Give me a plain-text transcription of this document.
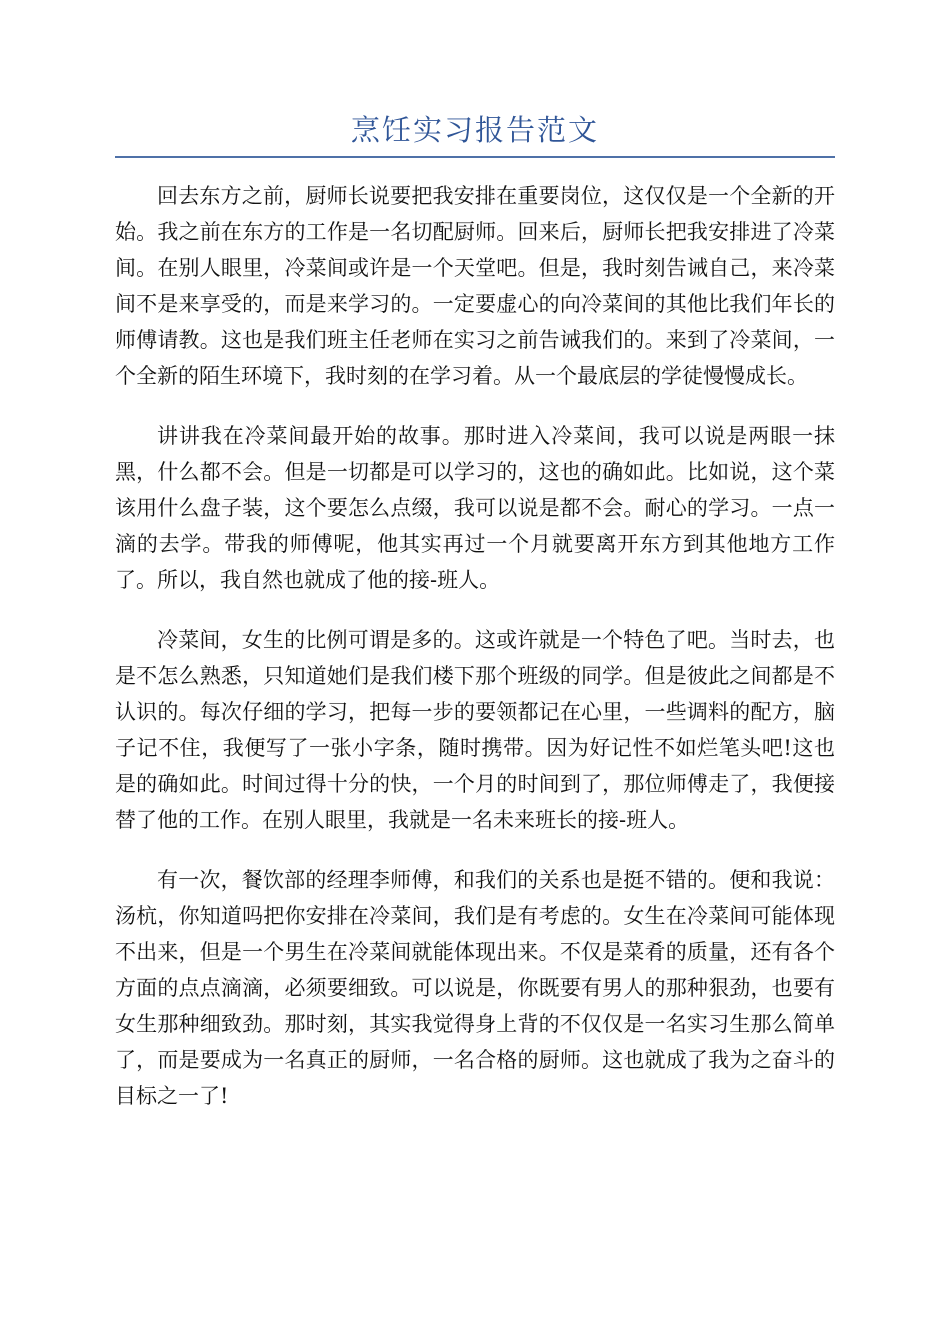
烹饪实习报告范文

回去东方之前，厨师长说要把我安排在重要岗位，这仅仅是一个全新的开始。我之前在东方的工作是一名切配厨师。回来后，厨师长把我安排进了冷菜间。在别人眼里，冷菜间或许是一个天堂吧。但是，我时刻告诫自己，来冷菜间不是来享受的，而是来学习的。一定要虚心的向冷菜间的其他比我们年长的师傅请教。这也是我们班主任老师在实习之前告诫我们的。来到了冷菜间，一个全新的陌生环境下，我时刻的在学习着。从一个最底层的学徒慢慢成长。

讲讲我在冷菜间最开始的故事。那时进入冷菜间，我可以说是两眼一抹黑，什么都不会。但是一切都是可以学习的，这也的确如此。比如说，这个菜该用什么盘子装，这个要怎么点缀，我可以说是都不会。耐心的学习。一点一滴的去学。带我的师傅呢，他其实再过一个月就要离开东方到其他地方工作了。所以，我自然也就成了他的接-班人。

冷菜间，女生的比例可谓是多的。这或许就是一个特色了吧。当时去，也是不怎么熟悉，只知道她们是我们楼下那个班级的同学。但是彼此之间都是不认识的。每次仔细的学习，把每一步的要领都记在心里，一些调料的配方，脑子记不住，我便写了一张小字条，随时携带。因为好记性不如烂笔头吧!这也是的确如此。时间过得十分的快，一个月的时间到了，那位师傅走了，我便接替了他的工作。在别人眼里，我就是一名未来班长的接-班人。

有一次，餐饮部的经理李师傅，和我们的关系也是挺不错的。便和我说：汤杭，你知道吗把你安排在冷菜间，我们是有考虑的。女生在冷菜间可能体现不出来，但是一个男生在冷菜间就能体现出来。不仅是菜肴的质量，还有各个方面的点点滴滴，必须要细致。可以说是，你既要有男人的那种狠劲，也要有女生那种细致劲。那时刻，其实我觉得身上背的不仅仅是一名实习生那么简单了，而是要成为一名真正的厨师，一名合格的厨师。这也就成了我为之奋斗的目标之一了!
